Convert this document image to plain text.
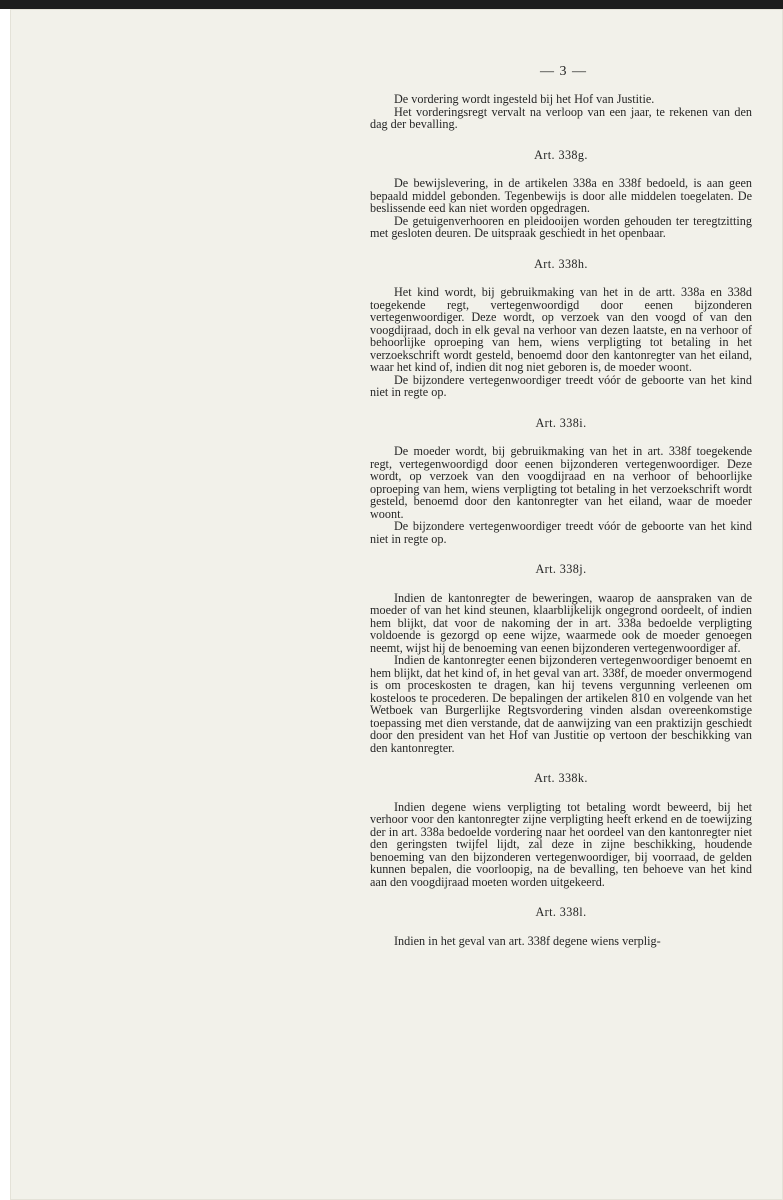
— 3 —

De vordering wordt ingesteld bij het Hof van Justitie.

Het vorderingsregt vervalt na verloop van een jaar, te rekenen van den dag der bevalling.

Art. 338g.

De bewijslevering, in de artikelen 338a en 338f bedoeld, is aan geen bepaald middel gebonden. Tegenbewijs is door alle middelen toegelaten. De beslissende eed kan niet worden opgedragen.

De getuigenverhooren en pleidooijen worden gehouden ter teregtzitting met gesloten deuren. De uitspraak geschiedt in het openbaar.

Art. 338h.

Het kind wordt, bij gebruikmaking van het in de artt. 338a en 338d toegekende regt, vertegenwoordigd door eenen bijzonderen vertegenwoordiger. Deze wordt, op verzoek van den voogd of van den voogdijraad, doch in elk geval na verhoor van dezen laatste, en na verhoor of behoorlijke oproeping van hem, wiens verpligting tot betaling in het verzoekschrift wordt gesteld, benoemd door den kantonregter van het eiland, waar het kind of, indien dit nog niet geboren is, de moeder woont.

De bijzondere vertegenwoordiger treedt vóór de geboorte van het kind niet in regte op.

Art. 338i.

De moeder wordt, bij gebruikmaking van het in art. 338f toegekende regt, vertegenwoordigd door eenen bijzonderen vertegenwoordiger. Deze wordt, op verzoek van den voogdijraad en na verhoor of behoorlijke oproeping van hem, wiens verpligting tot betaling in het verzoekschrift wordt gesteld, benoemd door den kantonregter van het eiland, waar de moeder woont.

De bijzondere vertegenwoordiger treedt vóór de geboorte van het kind niet in regte op.

Art. 338j.

Indien de kantonregter de beweringen, waarop de aanspraken van de moeder of van het kind steunen, klaarblijkelijk ongegrond oordeelt, of indien hem blijkt, dat voor de nakoming der in art. 338a bedoelde verpligting voldoende is gezorgd op eene wijze, waarmede ook de moeder genoegen neemt, wijst hij de benoeming van eenen bijzonderen vertegenwoordiger af.

Indien de kantonregter eenen bijzonderen vertegenwoordiger benoemt en hem blijkt, dat het kind of, in het geval van art. 338f, de moeder onvermogend is om proceskosten te dragen, kan hij tevens vergunning verleenen om kosteloos te procederen. De bepalingen der artikelen 810 en volgende van het Wetboek van Burgerlijke Regtsvordering vinden alsdan overeenkomstige toepassing met dien verstande, dat de aanwijzing van een praktizijn geschiedt door den president van het Hof van Justitie op vertoon der beschikking van den kantonregter.

Art. 338k.

Indien degene wiens verpligting tot betaling wordt beweerd, bij het verhoor voor den kantonregter zijne verpligting heeft erkend en de toewijzing der in art. 338a bedoelde vordering naar het oordeel van den kantonregter niet den geringsten twijfel lijdt, zal deze in zijne beschikking, houdende benoeming van den bijzonderen vertegenwoordiger, bij voorraad, de gelden kunnen bepalen, die voorloopig, na de bevalling, ten behoeve van het kind aan den voogdijraad moeten worden uitgekeerd.

Art. 338l.

Indien in het geval van art. 338f degene wiens verplig-
